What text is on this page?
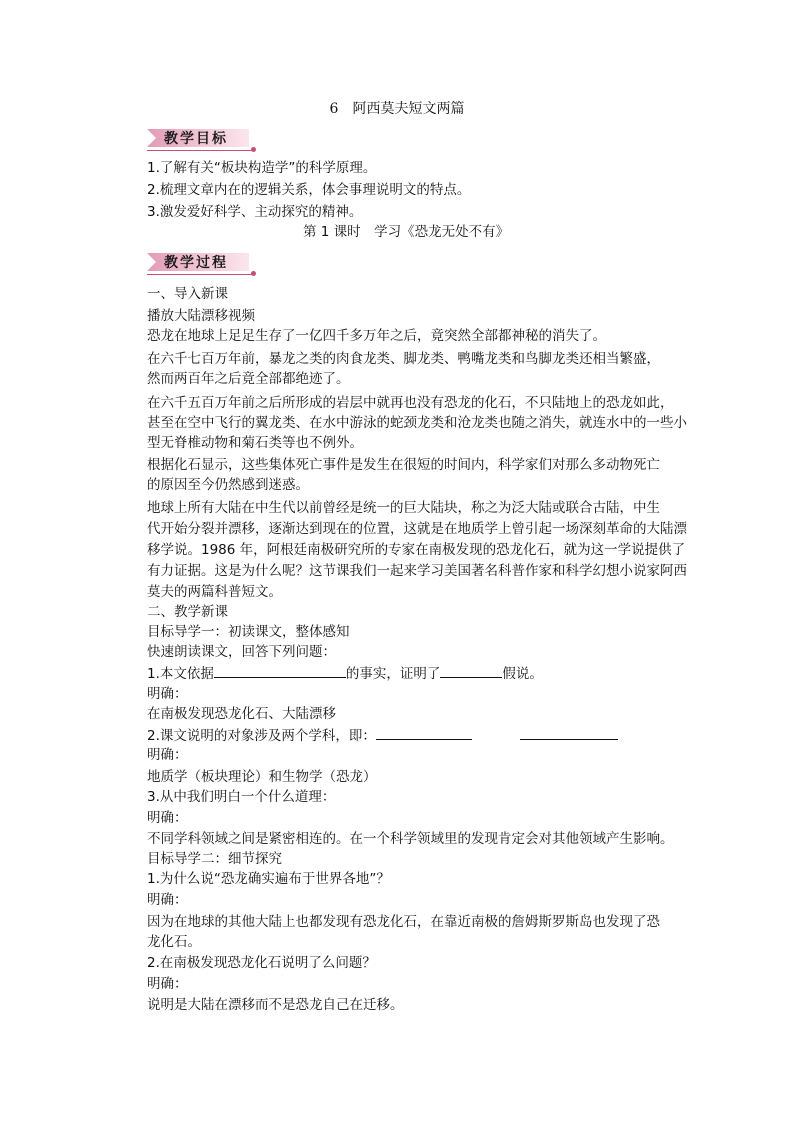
6　阿西莫夫短文两篇
教学目标
1.了解有关“板块构造学”的科学原理。
2.梳理文章内在的逻辑关系，体会事理说明文的特点。
3.激发爱好科学、主动探究的精神。
第 1 课时　学习《恐龙无处不有》
教学过程
一、导入新课
播放大陆漂移视频
　　恐龙在地球上足足生存了一亿四千多万年之后，竟突然全部都神秘的消失了。
　　在六千七百万年前，暴龙之类的肉食龙类、脚龙类、鸭嘴龙类和鸟脚龙类还相当繁盛，
然而两百年之后竟全部都绝迹了。
　　在六千五百万年前之后所形成的岩层中就再也没有恐龙的化石，不只陆地上的恐龙如此，
甚至在空中飞行的翼龙类、在水中游泳的蛇颈龙类和沧龙类也随之消失，就连水中的一些小
型无脊椎动物和菊石类等也不例外。
　　根据化石显示，这些集体死亡事件是发生在很短的时间内，科学家们对那么多动物死亡
的原因至今仍然感到迷惑。
　　地球上所有大陆在中生代以前曾经是统一的巨大陆块，称之为泛大陆或联合古陆，中生
代开始分裂并漂移，逐渐达到现在的位置，这就是在地质学上曾引起一场深刻革命的大陆漂
移学说。1986 年，阿根廷南极研究所的专家在南极发现的恐龙化石，就为这一学说提供了
有力证据。这是为什么呢？这节课我们一起来学习美国著名科普作家和科学幻想小说家阿西
莫夫的两篇科普短文。
　　二、教学新课
　　目标导学一：初读课文，整体感知
　　快速朗读课文，回答下列问题：
　　1.本文依据	的事实，证明了	假说。
　　明确：
　　在南极发现恐龙化石、大陆漂移
　　2.课文说明的对象涉及两个学科，即：
　　明确：
　　地质学（板块理论）和生物学（恐龙）
　　3.从中我们明白一个什么道理：
　　明确：
　　不同学科领域之间是紧密相连的。在一个科学领域里的发现肯定会对其他领域产生影响。
　　目标导学二：细节探究
　　1.为什么说“恐龙确实遍布于世界各地”？
　　明确：
　　因为在地球的其他大陆上也都发现有恐龙化石，在靠近南极的詹姆斯罗斯岛也发现了恐
龙化石。
　　2.在南极发现恐龙化石说明了么问题？
　　明确：
　　说明是大陆在漂移而不是恐龙自己在迁移。
